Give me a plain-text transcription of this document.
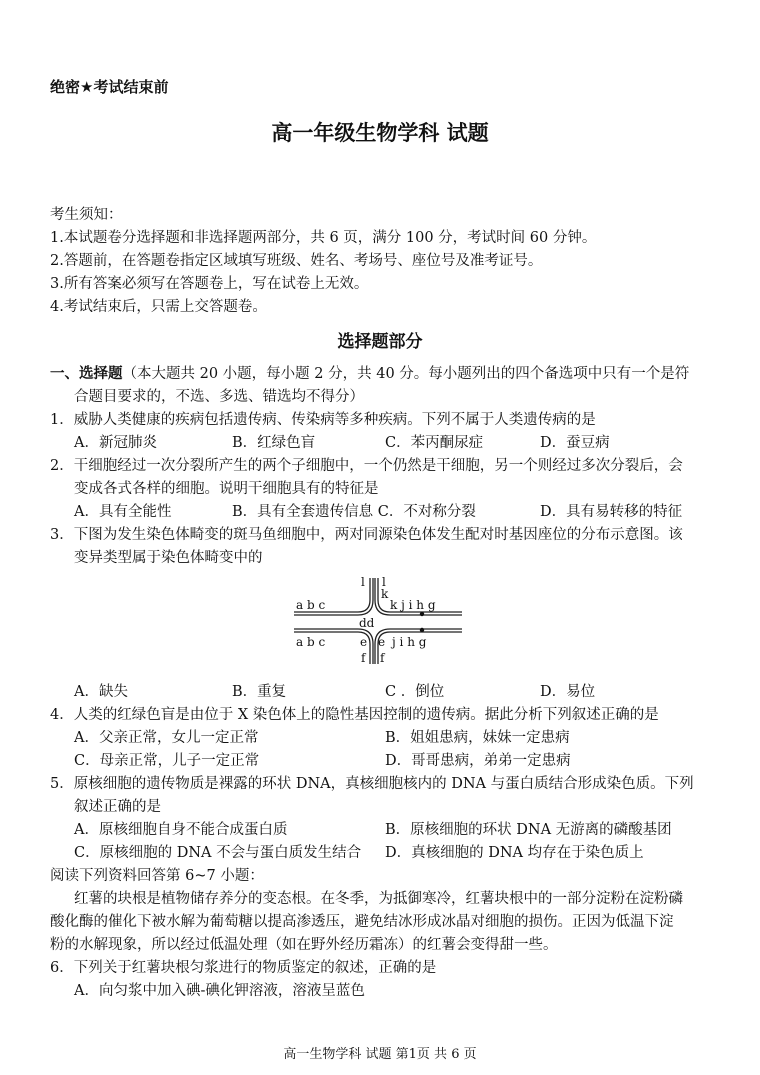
绝密★考试结束前
高一年级生物学科 试题
考生须知：
1.本试题卷分选择题和非选择题两部分，共 6 页，满分 100 分，考试时间 60 分钟。
2.答题前，在答题卷指定区域填写班级、姓名、考场号、座位号及准考证号。
3.所有答案必须写在答题卷上，写在试卷上无效。
4.考试结束后，只需上交答题卷。
选择题部分
一、选择题（本大题共 20 小题，每小题 2 分，共 40 分。每小题列出的四个备选项中只有一个是符
合题目要求的，不选、多选、错选均不得分）
1．威胁人类健康的疾病包括遗传病、传染病等多种疾病。下列不属于人类遗传病的是
A．新冠肺炎	B．红绿色盲	C．苯丙酮尿症	D．蚕豆病
2．干细胞经过一次分裂所产生的两个子细胞中，一个仍然是干细胞，另一个则经过多次分裂后，会
变成各式各样的细胞。说明干细胞具有的特征是
A．具有全能性	B．具有全套遗传信息 C．不对称分裂	D．具有易转移的特征
3．下图为发生染色体畸变的斑马鱼细胞中，两对同源染色体发生配对时基因座位的分布示意图。该
变异类型属于染色体畸变中的
a b c	k j i h g
a b c	j i h g
l l
k
dd
e e
f f
A．缺失	B．重复	C ．倒位	D．易位
4．人类的红绿色盲是由位于 X 染色体上的隐性基因控制的遗传病。据此分析下列叙述正确的是
A．父亲正常，女儿一定正常	B．姐姐患病，妹妹一定患病
C．母亲正常，儿子一定正常	D．哥哥患病，弟弟一定患病
5．原核细胞的遗传物质是裸露的环状 DNA，真核细胞核内的 DNA 与蛋白质结合形成染色质。下列
叙述正确的是
A．原核细胞自身不能合成蛋白质	B．原核细胞的环状 DNA 无游离的磷酸基团
C．原核细胞的 DNA 不会与蛋白质发生结合 D．真核细胞的 DNA 均存在于染色质上
阅读下列资料回答第 6~7 小题：
红薯的块根是植物储存养分的变态根。在冬季，为抵御寒冷，红薯块根中的一部分淀粉在淀粉磷
酸化酶的催化下被水解为葡萄糖以提高渗透压，避免结冰形成冰晶对细胞的损伤。正因为低温下淀
粉的水解现象，所以经过低温处理（如在野外经历霜冻）的红薯会变得甜一些。
6．下列关于红薯块根匀浆进行的物质鉴定的叙述，正确的是
A．向匀浆中加入碘-碘化钾溶液，溶液呈蓝色
高一生物学科 试题 第1页 共 6 页
